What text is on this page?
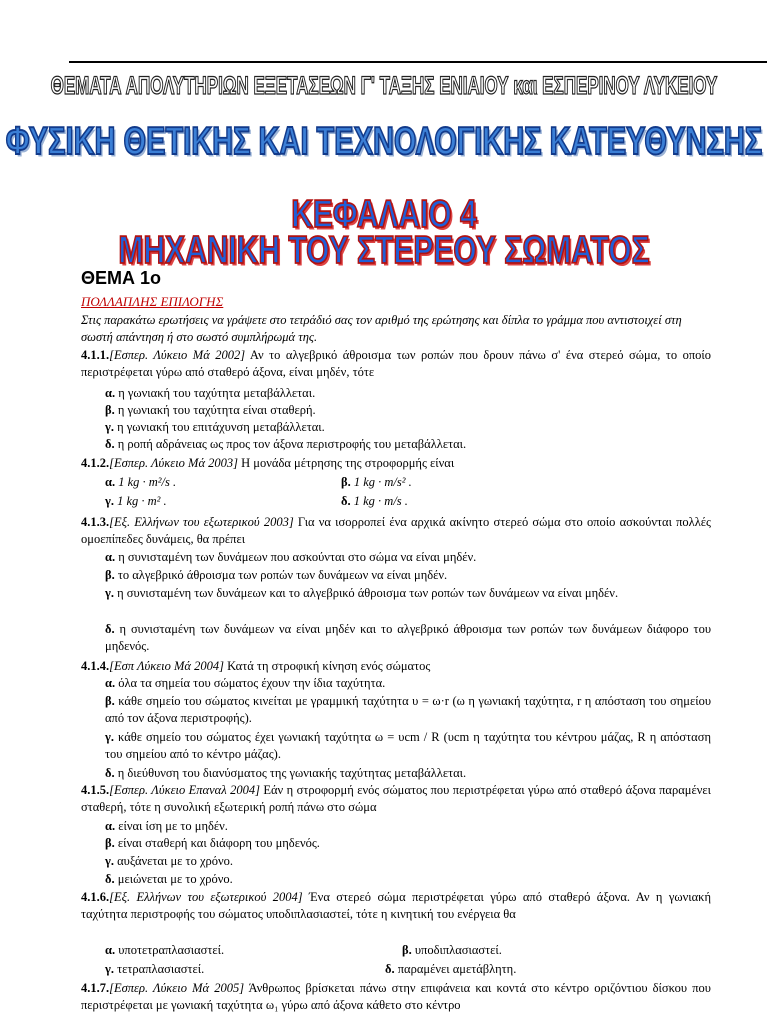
ΘΕΜΑΤΑ ΑΠΟΛΥΤΗΡΙΩΝ ΕΞΕΤΑΣΕΩΝ Γ' ΤΑΞΗΣ ΕΝΙΑΙΟΥ και ΕΣΠΕΡΙΝΟΥ ΛΥΚΕΙΟΥ
ΦΥΣΙΚΗ ΘΕΤΙΚΗΣ ΚΑΙ ΤΕΧΝΟΛΟΓΙΚΗΣ ΚΑΤΕΥΘΥΝΣΗΣ
ΚΕΦΑΛΑΙΟ 4
ΜΗΧΑΝΙΚΗ ΤΟΥ ΣΤΕΡΕΟΥ ΣΩΜΑΤΟΣ
ΘΕΜΑ 1ο
ΠΟΛΛΑΠΛΗΣ ΕΠΙΛΟΓΗΣ
Στις παρακάτω ερωτήσεις να γράψετε στο τετράδιό σας τον αριθμό της ερώτησης και δίπλα το γράμμα που αντιστοιχεί στη σωστή απάντηση ή στο σωστό συμπλήρωμά της.
4.1.1.[Εσπερ. Λύκειο Μά 2002] Αν το αλγεβρικό άθροισμα των ροπών που δρουν πάνω σ' ένα στερεό σώμα, το οποίο περιστρέφεται γύρω από σταθερό άξονα, είναι μηδέν, τότε
α. η γωνιακή του ταχύτητα μεταβάλλεται.
β. η γωνιακή του ταχύτητα είναι σταθερή.
γ. η γωνιακή του επιτάχυνση μεταβάλλεται.
δ. η ροπή αδράνειας ως προς τον άξονα περιστροφής του μεταβάλλεται.
4.1.2.[Εσπερ. Λύκειο Μά 2003] Η μονάδα μέτρησης της στροφορμής είναι
α. 1 kg · m²/s .	β. 1 kg · m/s² .
γ. 1 kg · m² .	δ. 1 kg · m/s .
4.1.3.[Εξ. Ελλήνων του εξωτερικού 2003] Για να ισορροπεί ένα αρχικά ακίνητο στερεό σώμα στο οποίο ασκούνται πολλές ομοεπίπεδες δυνάμεις, θα πρέπει
α. η συνισταμένη των δυνάμεων που ασκούνται στο σώμα να είναι μηδέν.
β. το αλγεβρικό άθροισμα των ροπών των δυνάμεων να είναι μηδέν.
γ. η συνισταμένη των δυνάμεων και το αλγεβρικό άθροισμα των ροπών των δυνάμεων να είναι μηδέν.
δ. η συνισταμένη των δυνάμεων να είναι μηδέν και το αλγεβρικό άθροισμα των ροπών των δυνάμεων διάφορο του μηδενός.
4.1.4.[Εσπ Λύκειο Μά 2004] Κατά τη στροφική κίνηση ενός σώματος
α. όλα τα σημεία του σώματος έχουν την ίδια ταχύτητα.
β. κάθε σημείο του σώματος κινείται με γραμμική ταχύτητα υ = ω·r (ω η γωνιακή ταχύτητα, r η απόσταση του σημείου από τον άξονα περιστροφής).
γ. κάθε σημείο του σώματος έχει γωνιακή ταχύτητα ω = υcm / R (υcm η ταχύτητα του κέντρου μάζας, R η απόσταση του σημείου από το κέντρο μάζας).
δ. η διεύθυνση του διανύσματος της γωνιακής ταχύτητας μεταβάλλεται.
4.1.5.[Εσπερ. Λύκειο Επαναλ 2004] Εάν η στροφορμή ενός σώματος που περιστρέφεται γύρω από σταθερό άξονα παραμένει σταθερή, τότε η συνολική εξωτερική ροπή πάνω στο σώμα
α. είναι ίση με το μηδέν.
β. είναι σταθερή και διάφορη του μηδενός.
γ. αυξάνεται με το χρόνο.
δ. μειώνεται με το χρόνο.
4.1.6.[Εξ. Ελλήνων του εξωτερικού 2004] Ένα στερεό σώμα περιστρέφεται γύρω από σταθερό άξονα. Αν η γωνιακή ταχύτητα περιστροφής του σώματος υποδιπλασιαστεί, τότε η κινητική του ενέργεια θα
α. υποτετραπλασιαστεί.	β. υποδιπλασιαστεί.
γ. τετραπλασιαστεί.	δ. παραμένει αμετάβλητη.
4.1.7.[Εσπερ. Λύκειο Μά 2005] Άνθρωπος βρίσκεται πάνω στην επιφάνεια και κοντά στο κέντρο οριζόντιου δίσκου που περιστρέφεται με γωνιακή ταχύτητα ω₁ γύρω από άξονα κάθετο στο κέντρο
